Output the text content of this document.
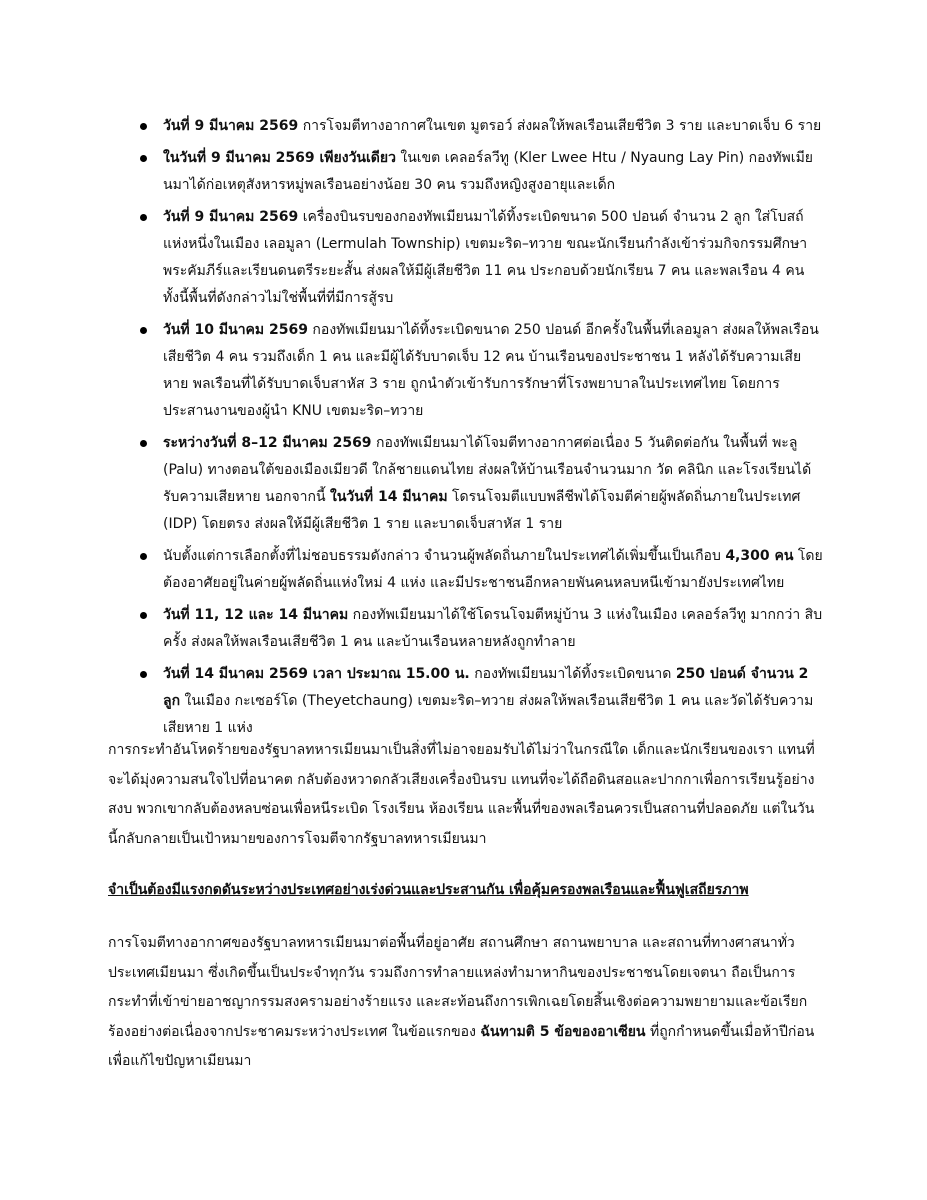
วันที่ 9 มีนาคม 2569 การโจมตีทางอากาศในเขต มูตรอว์ ส่งผลให้พลเรือนเสียชีวิต 3 ราย และบาดเจ็บ 6 ราย
ในวันที่ 9 มีนาคม 2569 เพียงวันเดียว ในเขต เคลอร์ลวีทู (Kler Lwee Htu / Nyaung Lay Pin) กองทัพเมียนมาได้ก่อเหตุสังหารหมู่พลเรือนอย่างน้อย 30 คน รวมถึงหญิงสูงอายุและเด็ก
วันที่ 9 มีนาคม 2569 เครื่องบินรบของกองทัพเมียนมาได้ทิ้งระเบิดขนาด 500 ปอนด์ จำนวน 2 ลูก ใส่โบสถ์แห่งหนึ่งในเมือง เลอมูลา (Lermulah Township) เขตมะริด–ทวาย ขณะนักเรียนกำลังเข้าร่วมกิจกรรมศึกษาพระคัมภีร์และเรียนดนตรีระยะสั้น ส่งผลให้มีผู้เสียชีวิต 11 คน ประกอบด้วยนักเรียน 7 คน และพลเรือน 4 คน ทั้งนี้พื้นที่ดังกล่าวไม่ใช่พื้นที่ที่มีการสู้รบ
วันที่ 10 มีนาคม 2569 กองทัพเมียนมาได้ทิ้งระเบิดขนาด 250 ปอนด์ อีกครั้งในพื้นที่เลอมูลา ส่งผลให้พลเรือนเสียชีวิต 4 คน รวมถึงเด็ก 1 คน และมีผู้ได้รับบาดเจ็บ 12 คน บ้านเรือนของประชาชน 1 หลังได้รับความเสียหาย พลเรือนที่ได้รับบาดเจ็บสาหัส 3 ราย ถูกนำตัวเข้ารับการรักษาที่โรงพยาบาลในประเทศไทย โดยการประสานงานของผู้นำ KNU เขตมะริด–ทวาย
ระหว่างวันที่ 8–12 มีนาคม 2569 กองทัพเมียนมาได้โจมตีทางอากาศต่อเนื่อง 5 วันติดต่อกัน ในพื้นที่ พะลู (Palu) ทางตอนใต้ของเมืองเมียวดี ใกล้ชายแดนไทย ส่งผลให้บ้านเรือนจำนวนมาก วัด คลินิก และโรงเรียนได้รับความเสียหาย นอกจากนี้ ในวันที่ 14 มีนาคม โดรนโจมตีแบบพลีชีพได้โจมตีค่ายผู้พลัดถิ่นภายในประเทศ (IDP) โดยตรง ส่งผลให้มีผู้เสียชีวิต 1 ราย และบาดเจ็บสาหัส 1 ราย
นับตั้งแต่การเลือกตั้งที่ไม่ชอบธรรมดังกล่าว จำนวนผู้พลัดถิ่นภายในประเทศได้เพิ่มขึ้นเป็นเกือบ 4,300 คน โดยต้องอาศัยอยู่ในค่ายผู้พลัดถิ่นแห่งใหม่ 4 แห่ง และมีประชาชนอีกหลายพันคนหลบหนีเข้ามายังประเทศไทย
วันที่ 11, 12 และ 14 มีนาคม กองทัพเมียนมาได้ใช้โดรนโจมตีหมู่บ้าน 3 แห่งในเมือง เคลอร์ลวีทู มากกว่า สิบครั้ง ส่งผลให้พลเรือนเสียชีวิต 1 คน และบ้านเรือนหลายหลังถูกทำลาย
วันที่ 14 มีนาคม 2569 เวลา ประมาณ 15.00 น. กองทัพเมียนมาได้ทิ้งระเบิดขนาด 250 ปอนด์ จำนวน 2 ลูก ในเมือง กะเซอร์โด (Theyetchaung) เขตมะริด–ทวาย ส่งผลให้พลเรือนเสียชีวิต 1 คน และวัดได้รับความเสียหาย 1 แห่ง

การกระทำอันโหดร้ายของรัฐบาลทหารเมียนมาเป็นสิ่งที่ไม่อาจยอมรับได้ไม่ว่าในกรณีใด เด็กและนักเรียนของเรา แทนที่จะได้มุ่งความสนใจไปที่อนาคต กลับต้องหวาดกลัวเสียงเครื่องบินรบ แทนที่จะได้ถือดินสอและปากกาเพื่อการเรียนรู้อย่างสงบ พวกเขากลับต้องหลบซ่อนเพื่อหนีระเบิด โรงเรียน ห้องเรียน และพื้นที่ของพลเรือนควรเป็นสถานที่ปลอดภัย แต่ในวันนี้กลับกลายเป็นเป้าหมายของการโจมตีจากรัฐบาลทหารเมียนมา

จำเป็นต้องมีแรงกดดันระหว่างประเทศอย่างเร่งด่วนและประสานกัน เพื่อคุ้มครองพลเรือนและฟื้นฟูเสถียรภาพ

การโจมตีทางอากาศของรัฐบาลทหารเมียนมาต่อพื้นที่อยู่อาศัย สถานศึกษา สถานพยาบาล และสถานที่ทางศาสนาทั่วประเทศเมียนมา ซึ่งเกิดขึ้นเป็นประจำทุกวัน รวมถึงการทำลายแหล่งทำมาหากินของประชาชนโดยเจตนา ถือเป็นการกระทำที่เข้าข่ายอาชญากรรมสงครามอย่างร้ายแรง และสะท้อนถึงการเพิกเฉยโดยสิ้นเชิงต่อความพยายามและข้อเรียกร้องอย่างต่อเนื่องจากประชาคมระหว่างประเทศ ในข้อแรกของ ฉันทามติ 5 ข้อของอาเซียน ที่ถูกกำหนดขึ้นเมื่อห้าปีก่อนเพื่อแก้ไขปัญหาเมียนมา
